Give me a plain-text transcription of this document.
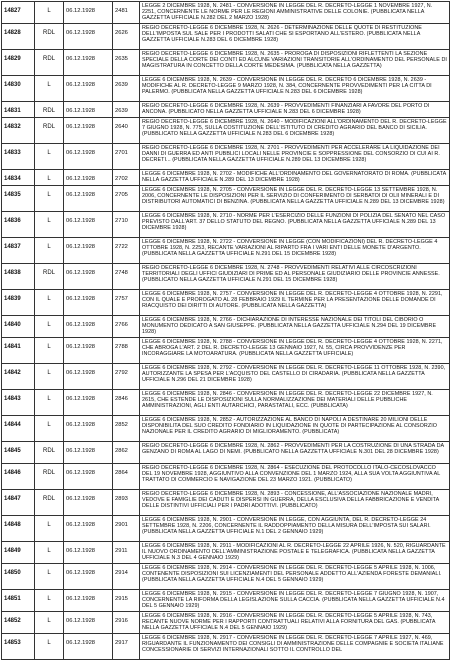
14827	L	06.12.1928	2481	LEGGE 2 DICEMBRE 1928, N. 2481 - CONVERSIONE IN LEGGE DEL R. DECRETO-LEGGE 1 NOVEMBRE 1927, N. 2251, CONCERNENTE LE NORME PER LE REGIONI AMMINISTRATIVE DELLE COLONIE. (PUBBLICATA NELLA GAZZETTA UFFICIALE N.282 DEL 2 MARZO 1928)
14828	RDL	06.12.1928	2626	REGIO DECRETO-LEGGE 6 DICEMBRE 1928, N. 2626 - DETERMINAZIONE DELLE QUOTE DI RESTITUZIONE DELL'IMPOSTA SUL SALE PER I PRODOTTI SALATI CHE SI ESPORTANO ALL'ESTERO. (PUBBLICATA NELLA GAZZETTA UFFICIALE N.283 DEL 6 DICEMBRE 1928)
14829	RDL	06.12.1928	2635	REGIO DECRETO-LEGGE 6 DICEMBRE 1928, N. 2635 - PROROGA DI DISPOSIZIONI RIFLETTENTI LA SEZIONE SPECIALE DELLA CORTE DEI CONTI ED ALCUNE VARIAZIONI TRANSITORIE ALL'ORDINAMENTO DEL PERSONALE DI MAGISTRATURA IN CONCETTO DELLA CORTE MEDESIMA. (PUBBLICATA NELLA GAZZETTA)
14830	L	06.12.1928	2639	LEGGE 6 DICEMBRE 1928, N. 2639 - CONVERSIONE IN LEGGE DEL R. DECRETO 6 DICEMBRE 1928, N. 2639 - MODIFICHE AL R. DECRETO-LEGGE 9 MARZO 1928, N. 384, CONCERNENTE PROVVEDIMENTI PER LA CITTA DI PALERMO. (PUBBLICATA NELLA GAZZETTA UFFICIALE N.283 DEL 6 DICEMBRE 1928)
14831	RDL	06.12.1928	2639	REGIO DECRETO-LEGGE 6 DICEMBRE 1928, N. 2639 - PROVVEDIMENTI FINANZIARI A FAVORE DEL PORTO DI ANCONA. (PUBBLICATO NELLA GAZZETTA UFFICIALE N.283 DEL 6 DICEMBRE 1928)
14832	RDL	06.12.1928	2640	REGIO DECRETO-LEGGE 6 DICEMBRE 1928, N. 2640 - MODIFICAZIONI ALL'ORDINAMENTO DEL R. DECRETO-LEGGE 7 GIUGNO 1928, N. 775, SULLA COSTITUZIONE DELL'ISTITUTO DI CREDITO AGRARIO DEL BANCO DI SICILIA. (PUBBLICATO NELLA GAZZETTA UFFICIALE N.283 DEL 6 DICEMBRE 1928)
14833	L	06.12.1928	2701	REGIO DECRETO-LEGGE 6 DICEMBRE 1928, N. 2701 - PROVVEDIMENTI PER ACCELERARE LA LIQUIDAZIONE DEI DANNI DI GUERRA ED ANTI PUBBLICI LOCALI NELLE PROVINCIE E SOPPRESSIONE DEL CONSORZIO DI CUI AI R. DECRETI... (PUBBLICATA NELLA GAZZETTA UFFICIALE N.289 DEL 13 DICEMBRE 1928)
14834	L	06.12.1928	2702	LEGGE 6 DICEMBRE 1928, N. 2702 - MODIFICHE ALL'ORDINAMENTO DEL GOVERNATORATO DI ROMA. (PUBBLICATA NELLA GAZZETTA UFFICIALE N.289 DEL 13 DICEMBRE 1928)
14835	L	06.12.1928	2705	LEGGE 6 DICEMBRE 1928, N. 2705 - CONVERSIONE IN LEGGE DEL R. DECRETO-LEGGE 13 SETTEMBRE 1928, N. 2006, CONCERNENTE LE DISPOSIZIONI PER IL SERVIZIO DI CONFERIMENTO DI SERBATOI DI OLII MINERALI E DI DISTRIBUTORI AUTOMATICI DI BENZINA. (PUBBLICATA NELLA GAZZETTA UFFICIALE N.289 DEL 13 DICEMBRE 1928)
14836	L	06.12.1928	2710	LEGGE 6 DICEMBRE 1928, N. 2710 - NORME PER L'ESERCIZIO DELLE FUNZIONI DI POLIZIA DEL SENATO NEL CASO PREVISTO DALL'ART. 37 DELLO STATUTO DEL REGNO. (PUBBLICATA NELLA GAZZETTA UFFICIALE N.289 DEL 13 DICEMBRE 1928)
14837	L	06.12.1928	2722	LEGGE 6 DICEMBRE 1928, N. 2722 - CONVERSIONE IN LEGGE (CON MODIFICAZIONI) DEL R. DECRETO-LEGGE 4 OTTOBRE 1928, N. 2253, RECANTE VARIAZIONI AL RIPARTO FRA I VARI ENTI DELLE MONETE D'ARGENTO. (PUBBLICATA NELLA GAZZETTA UFFICIALE N.291 DEL 15 DICEMBRE 1928)
14838	RDL	06.12.1928	2748	REGIO DECRETO-LEGGE 6 DICEMBRE 1928, N. 2748 - PROVVEDIMENTI RELATIVI ALLE CIRCOSCRIZIONI TERRITORIALI DEGLI UFFICI GIUDIZIARI DI PRIME ED AL PERSONALE GIUDIZIARIO DELLE PROVINCIE ANNESSE. (PUBBLICATO NELLA GAZZETTA UFFICIALE N.291 DEL 15 DICEMBRE 1928)
14839	L	06.12.1928	2757	LEGGE 6 DICEMBRE 1928, N. 2757 - CONVERSIONE IN LEGGE DEL R. DECRETO-LEGGE 4 OTTOBRE 1928, N. 2291, CON IL QUALE E PROROGATO AL 28 FEBBRAIO 1929 IL TERMINE PER LA PRESENTAZIONE DELLE DOMANDE DI RIACQUISTO DEI DIRITTI DI AUTORE. (PUBBLICATA NELLA GAZZETTA)
14840	L	06.12.1928	2766	LEGGE 6 DICEMBRE 1928, N. 2766 - DICHIARAZIONE DI INTERESSE NAZIONALE DEI TITOLI DEL CIBORIO O MONUMENTO DEDICATO A SAN GIUSEPPE. (PUBBLICATA NELLA GAZZETTA UFFICIALE N.294 DEL 19 DICEMBRE 1928)
14841	L	06.12.1928	2788	LEGGE 6 DICEMBRE 1928, N. 2788 - CONVERSIONE IN LEGGE DEL R. DECRETO-LEGGE 4 OTTOBRE 1928, N. 2271, CHE ABROGA L'ART. 2 DEL R. DECRETO-LEGGE 13 GENNAIO 1927, N. 55, CIRCA PROVVIDENZE PER INCORAGGIARE LA MOTOARATURA. (PUBBLICATA NELLA GAZZETTA UFFICIALE)
14842	L	06.12.1928	2792	LEGGE 6 DICEMBRE 1928, N. 2792 - CONVERSIONE IN LEGGE DEL R. DECRETO-LEGGE 11 OTTOBRE 1928, N. 2390, AUTORIZZANTE LA SPESA PER L'ACQUISTO DEL CASTELLO DI CIRADARIA. (PUBBLICATA NELLA GAZZETTA UFFICIALE N.296 DEL 21 DICEMBRE 1928)
14843	L	06.12.1928	2846	LEGGE 6 DICEMBRE 1928, N. 2846 - CONVERSIONE IN LEGGE DEL R. DECRETO-LEGGE 22 DICEMBRE 1927, N. 2615, CHE ESTENDE LE DISPOSIZIONI SULLA NORMALIZZAZIONE DEI MATERIALI DELLE PUBBLICHE AMMINISTRAZIONI, AGLI ENTI AUTARCHICI, PARASTATALI, ECC. (PUBBLICATA)
14844	L	06.12.1928	2852	LEGGE 6 DICEMBRE 1928, N. 2852 - AUTORIZZAZIONE AL BANCO DI NAPOLI A DESTINARE 20 MILIONI DELLE DISPONIBILITA DEL SUO CREDITO FONDIARIO IN LIQUIDAZIONE IN QUOTE DI PARTECIPAZIONE AL CONSORZIO NAZIONALE PER IL CREDITO AGRARIO DI MIGLIORAMENTO. (PUBBLICATA)
14845	RDL	06.12.1928	2862	REGIO DECRETO-LEGGE 6 DICEMBRE 1928, N. 2862 - PROVVEDIMENTI PER LA COSTRUZIONE DI UNA STRADA DA GENZANO DI ROMA AL LAGO DI NEMI. (PUBBLICATO NELLA GAZZETTA UFFICIALE N.301 DEL 28 DICEMBRE 1928)
14846	RDL	06.12.1928	2864	REGIO DECRETO-LEGGE 6 DICEMBRE 1928, N. 2864 - ESECUZIONE DEL PROTOCOLLO ITALO-CECOSLOVACCO DEL 19 NOVEMBRE 1928, AGGIUNTIVO ALLA CONVENZIONE DEL 1 MARZO 1924, ALLA SUA VOLTA AGGIUNTIVA AL TRATTATO DI COMMERCIO E NAVIGAZIONE DEL 23 MARZO 1921. (PUBBLICATO)
14847	RDL	06.12.1928	2893	REGIO DECRETO-LEGGE 6 DICEMBRE 1928, N. 2893 - CONCESSIONE, ALL'ASSOCIAZIONE NAZIONALE MADRI, VEDOVE E FAMIGLIE DEI CADUTI E DISPERSI IN GUERRA, DELLA ESCLUSIVA DELLA FABBRICAZIONE E VENDITA DELLE DISTINTIVI UFFICIALI PER I PADRI ADOTTIVI. (PUBBLICATO)
14848	L	06.12.1928	2901	LEGGE 6 DICEMBRE 1928, N. 2901 - CONVERSIONE IN LEGGE, CON AGGIUNTA, DEL R. DECRETO-LEGGE 24 SETTEMBRE 1928, N. 2206, CONCERNENTE IL RADDOPPIAMENTO DELLA MISURA DELL'IMPOSTA SUI SALARI. (PUBBLICATA NELLA GAZZETTA UFFICIALE N.1 DEL 2 GENNAIO 1929)
14849	L	06.12.1928	2911	LEGGE 6 DICEMBRE 1928, N. 2911 - MODIFICAZIONI AL R. DECRETO-LEGGE 22 APRILE 1926, N. 520, RIGUARDANTE IL NUOVO ORDINAMENTO DELL'AMMINISTRAZIONE POSTALE E TELEGRAFICA. (PUBBLICATA NELLA GAZZETTA UFFICIALE N.3 DEL 4 GENNAIO 1929)
14850	L	06.12.1928	2914	LEGGE 6 DICEMBRE 1928, N. 2914 - CONVERSIONE IN LEGGE DEL R. DECRETO-LEGGE 5 APRILE 1928, N. 1006, CONTENENTE DISPOSIZIONI SUI LICENZIAMENTI DEL PERSONALE ADDETTO ALL'AZIENDA FORESTE DEMANIALI. (PUBBLICATA NELLA GAZZETTA UFFICIALE N.4 DEL 5 GENNAIO 1929)
14851	L	06.12.1928	2915	LEGGE 6 DICEMBRE 1928, N. 2915 - CONVERSIONE IN LEGGE DEL R. DECRETO-LEGGE 7 GIUGNO 1928, N. 1907, CONCERNENTE LA RIFORMA DELLA LEGISLAZIONE SULLA CACCIA. (PUBBLICATA NELLA GAZZETTA UFFICIALE N.4 DEL 5 GENNAIO 1929)
14852	L	06.12.1928	2916	LEGGE 6 DICEMBRE 1928, N. 2916 - CONVERSIONE IN LEGGE DEL R. DECRETO-LEGGE 5 APRILE 1928, N. 743, RECANTE NUOVE NORME PER I RAPPORTI CONTRATTUALI RELATIVI ALLA FORNITURA DEL GAS. (PUBBLICATA NELLA GAZZETTA UFFICIALE N.4 DEL 5 GENNAIO 1929)
14853	L	06.12.1928	2917	LEGGE 6 DICEMBRE 1928, N. 2917 - CONVERSIONE IN LEGGE DEL R. DECRETO-LEGGE 7 APRILE 1927, N. 469, RIGUARDANTE IL FUNZIONAMENTO DEI CONSIGLI DI AMMINISTRAZIONE DELLE COMPAGNIE E SOCIETA ITALIANE CONCESSIONARIE DI SERVIZI INTERNAZIONALI SOTTO IL CONTROLLO DEL
